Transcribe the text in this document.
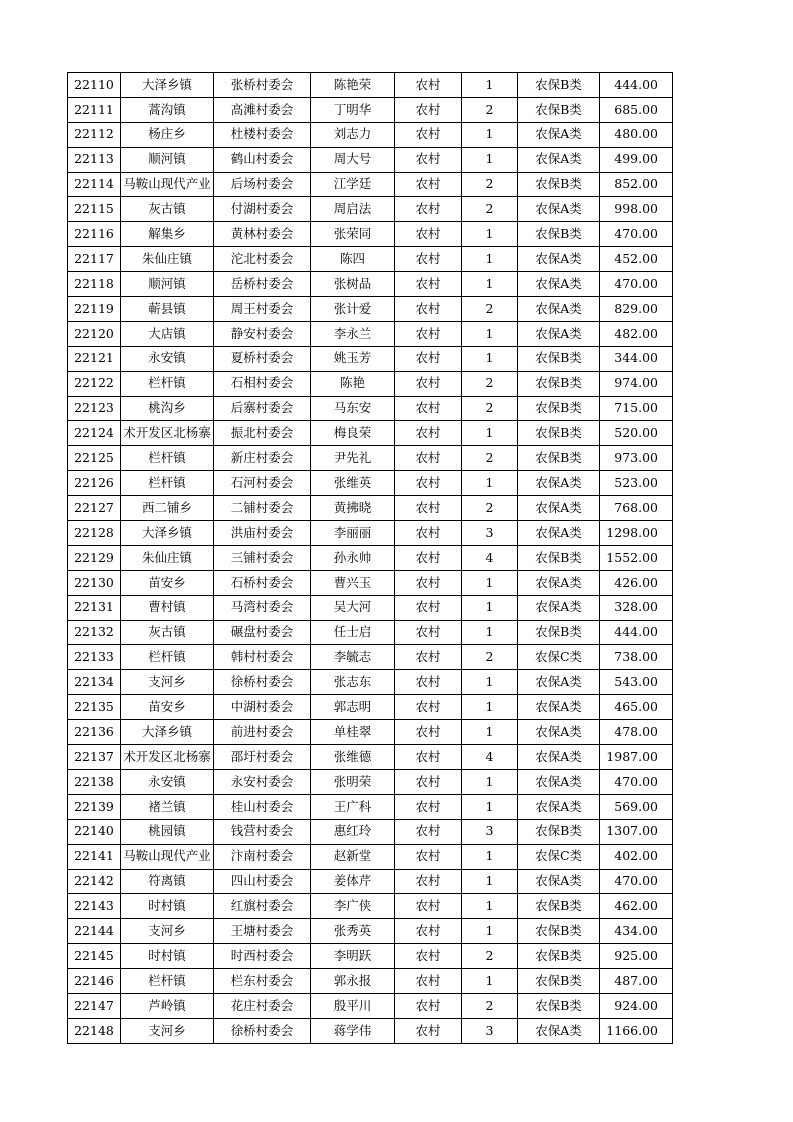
22110	大泽乡镇	张桥村委会	陈艳荣	农村	1	农保B类	444.00
22111	蒿沟镇	高滩村委会	丁明华	农村	2	农保B类	685.00
22112	杨庄乡	杜楼村委会	刘志力	农村	1	农保A类	480.00
22113	顺河镇	鹤山村委会	周大号	农村	1	农保A类	499.00
22114	马鞍山现代产业	后场村委会	江学廷	农村	2	农保B类	852.00
22115	灰古镇	付湖村委会	周启法	农村	2	农保A类	998.00
22116	解集乡	黄林村委会	张荣同	农村	1	农保B类	470.00
22117	朱仙庄镇	沱北村委会	陈四	农村	1	农保A类	452.00
22118	顺河镇	岳桥村委会	张树品	农村	1	农保A类	470.00
22119	蕲县镇	周王村委会	张计爱	农村	2	农保A类	829.00
22120	大店镇	静安村委会	李永兰	农村	1	农保A类	482.00
22121	永安镇	夏桥村委会	姚玉芳	农村	1	农保B类	344.00
22122	栏杆镇	石相村委会	陈艳	农村	2	农保B类	974.00
22123	桃沟乡	后寨村委会	马东安	农村	2	农保B类	715.00
22124	术开发区北杨寨	振北村委会	梅良荣	农村	1	农保B类	520.00
22125	栏杆镇	新庄村委会	尹先礼	农村	2	农保B类	973.00
22126	栏杆镇	石河村委会	张维英	农村	1	农保A类	523.00
22127	西二铺乡	二铺村委会	黄拂晓	农村	2	农保A类	768.00
22128	大泽乡镇	洪庙村委会	李丽丽	农村	3	农保A类	1298.00
22129	朱仙庄镇	三铺村委会	孙永帅	农村	4	农保B类	1552.00
22130	苗安乡	石桥村委会	曹兴玉	农村	1	农保A类	426.00
22131	曹村镇	马湾村委会	吴大河	农村	1	农保A类	328.00
22132	灰古镇	碾盘村委会	任士启	农村	1	农保B类	444.00
22133	栏杆镇	韩村村委会	李毓志	农村	2	农保C类	738.00
22134	支河乡	徐桥村委会	张志东	农村	1	农保A类	543.00
22135	苗安乡	中湖村委会	郭志明	农村	1	农保A类	465.00
22136	大泽乡镇	前进村委会	单桂翠	农村	1	农保A类	478.00
22137	术开发区北杨寨	邵圩村委会	张维德	农村	4	农保A类	1987.00
22138	永安镇	永安村委会	张明荣	农村	1	农保A类	470.00
22139	褚兰镇	桂山村委会	王广科	农村	1	农保A类	569.00
22140	桃园镇	钱营村委会	惠红玲	农村	3	农保B类	1307.00
22141	马鞍山现代产业	汴南村委会	赵新堂	农村	1	农保C类	402.00
22142	符离镇	四山村委会	姜体芹	农村	1	农保A类	470.00
22143	时村镇	红旗村委会	李广侠	农村	1	农保B类	462.00
22144	支河乡	王塘村委会	张秀英	农村	1	农保B类	434.00
22145	时村镇	时西村委会	李明跃	农村	2	农保B类	925.00
22146	栏杆镇	栏东村委会	郭永报	农村	1	农保B类	487.00
22147	芦岭镇	花庄村委会	殷平川	农村	2	农保B类	924.00
22148	支河乡	徐桥村委会	蒋学伟	农村	3	农保A类	1166.00
